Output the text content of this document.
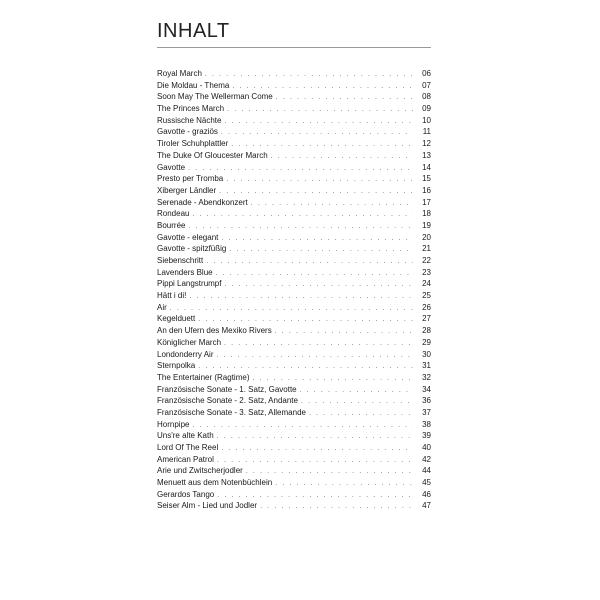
INHALT
Royal March . . .	06
Die Moldau - Thema . . .	07
Soon May The Wellerman Come . . .	08
The Princes March . . .	09
Russische Nächte . . .	10
Gavotte - graziös . . .	11
Tiroler Schuhplattler . . .	12
The Duke Of Gloucester March . . .	13
Gavotte . . .	14
Presto per Tromba . . .	15
Xiberger Ländler . . .	16
Serenade - Abendkonzert . . .	17
Rondeau . . .	18
Bourrée . . .	19
Gavotte - elegant . . .	20
Gavotte - spitzfüßig . . .	21
Siebenschritt . . .	22
Lavenders Blue . . .	23
Pippi Langstrumpf . . .	24
Hätt i di! . . .	25
Air . . .	26
Kegelduett . . .	27
An den Ufern des Mexiko Rivers . . .	28
Königlicher March . . .	29
Londonderry Air . . .	30
Sternpolka . . .	31
The Entertainer (Ragtime) . . .	32
Französische Sonate - 1. Satz, Gavotte . . .	34
Französische Sonate - 2. Satz, Andante . . .	36
Französische Sonate - 3. Satz, Allemande . . .	37
Hornpipe . . .	38
Uns're alte Kath . . .	39
Lord Of The Reel . . .	40
American Patrol . . .	42
Arie und Zwitscherjodler . . .	44
Menuett aus dem Notenbüchlein . . .	45
Gerardos Tango . . .	46
Seiser Alm - Lied und Jodler . . .	47
